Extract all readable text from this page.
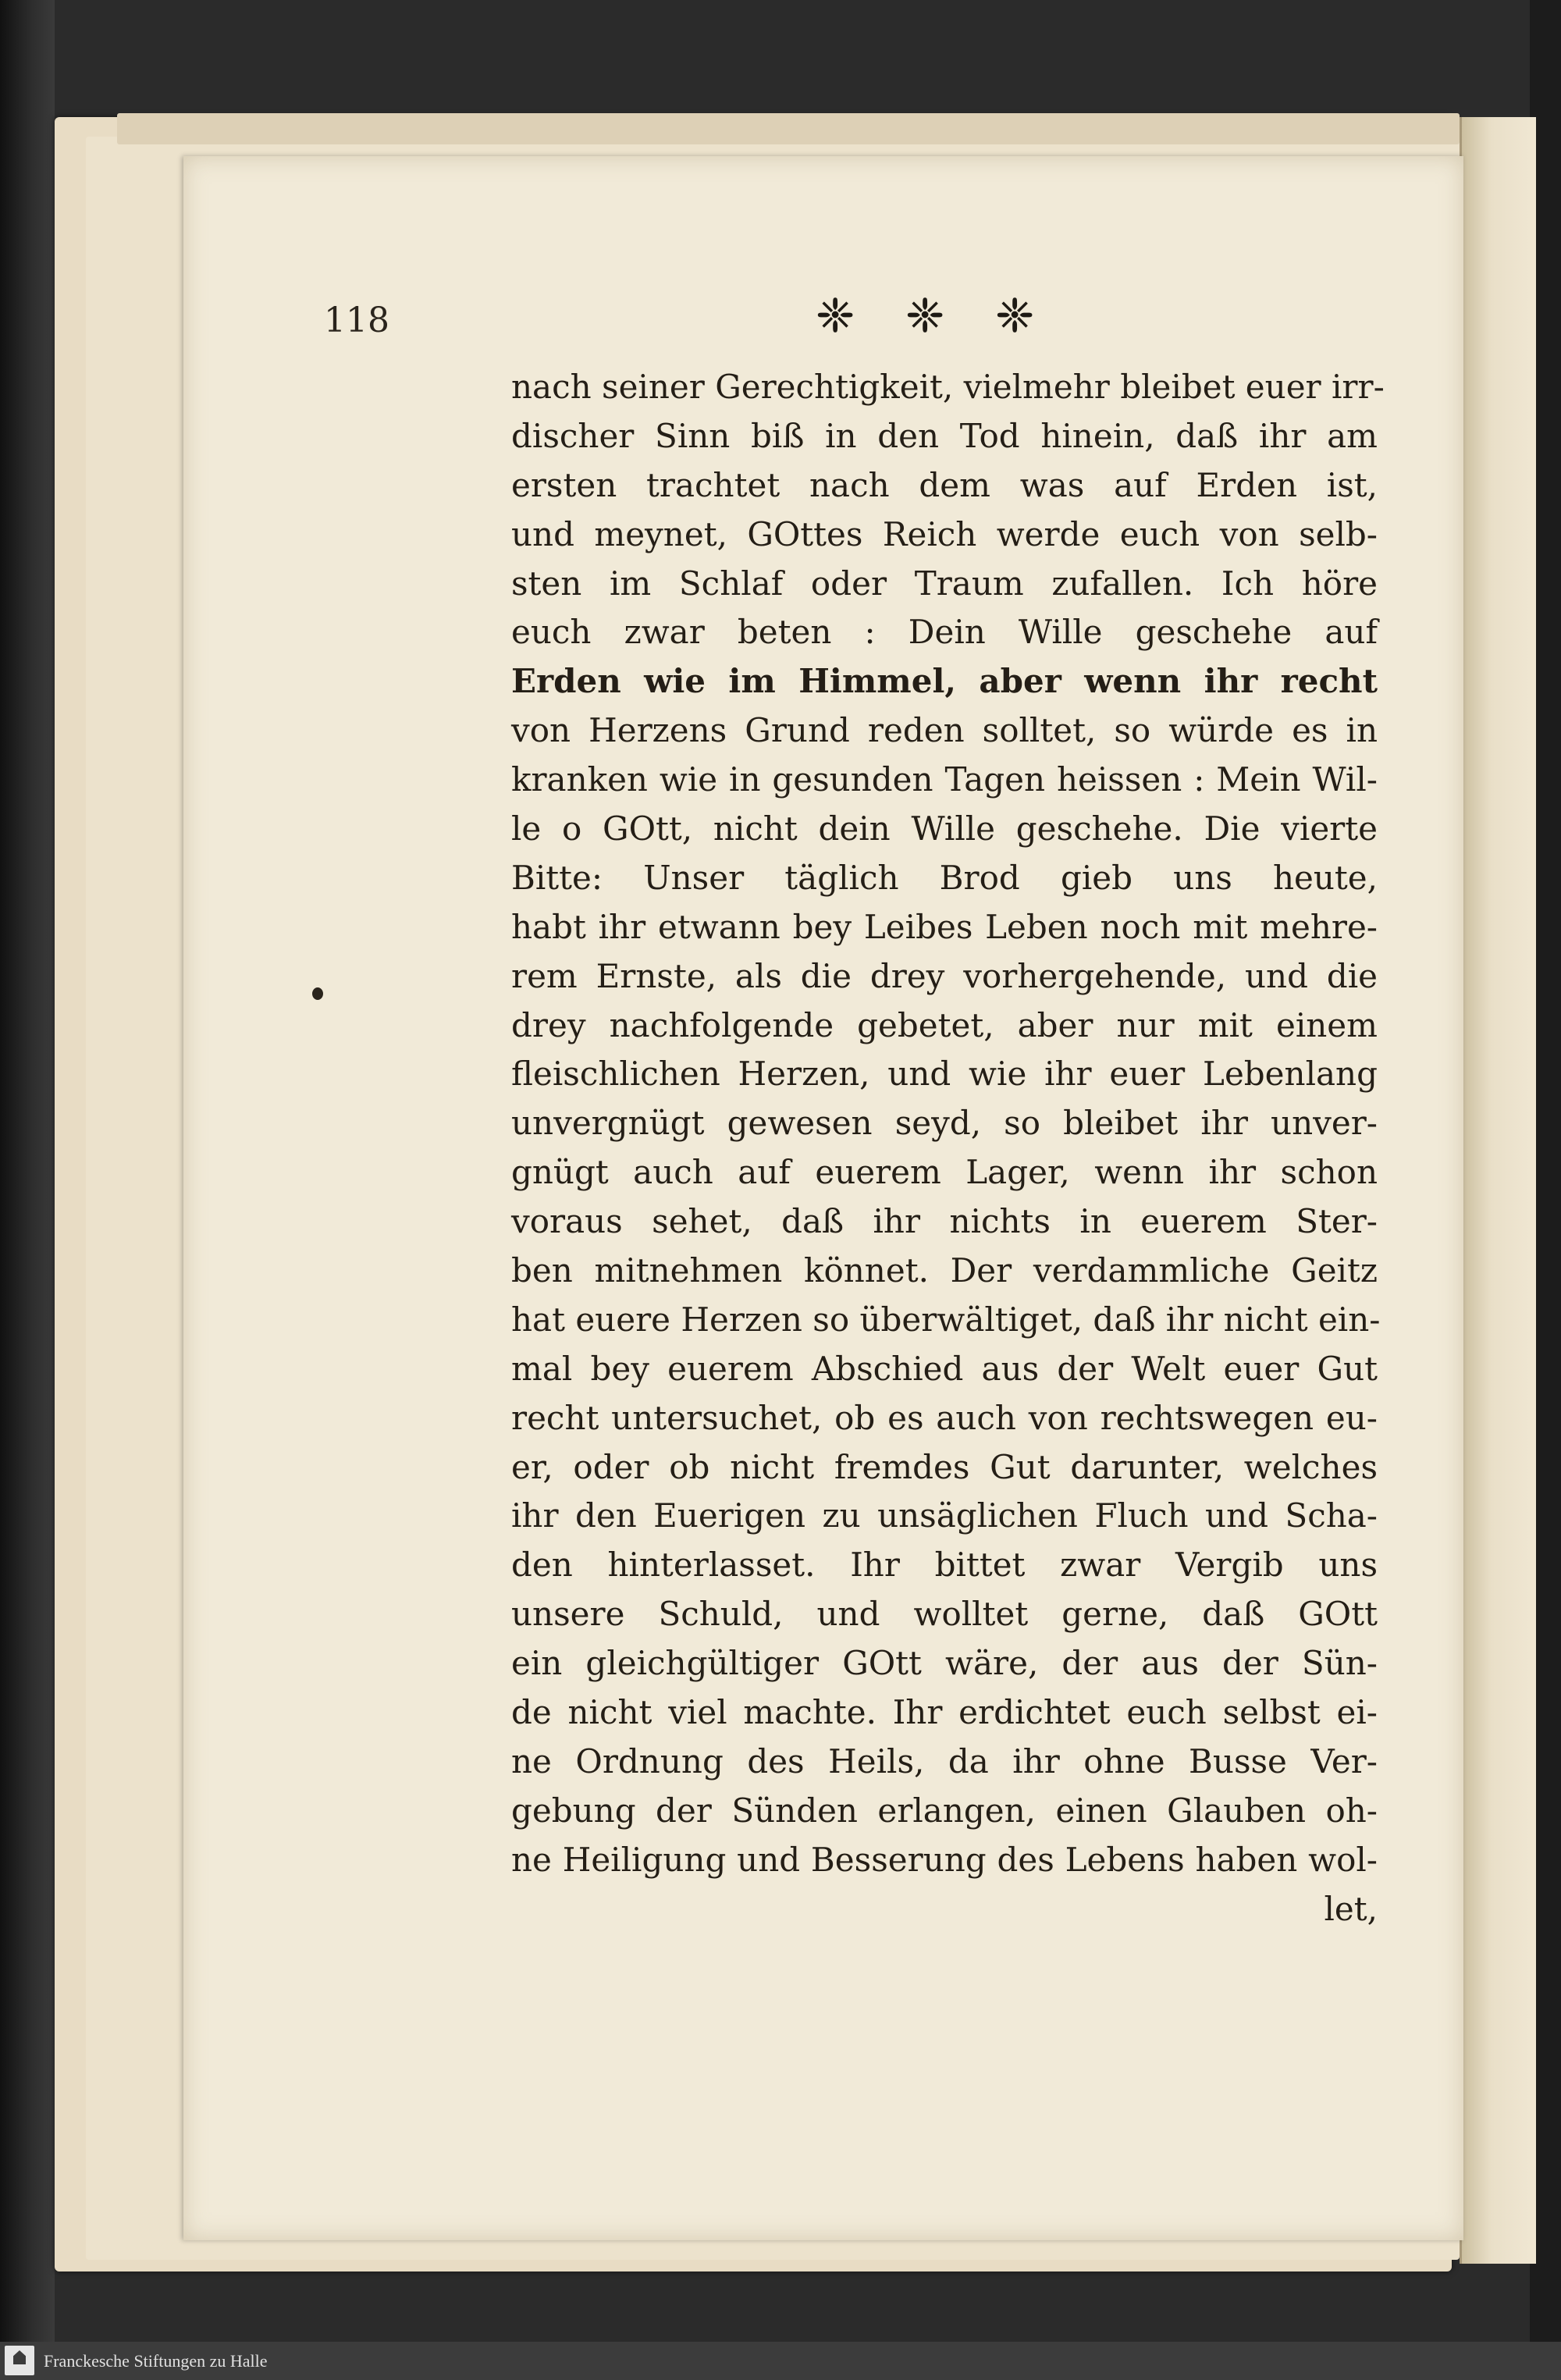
118	❈ ❈ ❈
nach seiner Gerechtigkeit, vielmehr bleibet euer irr-
discher Sinn biß in den Tod hinein, daß ihr am
ersten trachtet nach dem was auf Erden ist,
und meynet, GOttes Reich werde euch von selb-
sten im Schlaf oder Traum zufallen. Ich höre
euch zwar beten : Dein Wille geschehe auf
Erden wie im Himmel, aber wenn ihr recht
von Herzens Grund reden solltet, so würde es in
kranken wie in gesunden Tagen heissen : Mein Wil-
le o GOtt, nicht dein Wille geschehe. Die vierte
Bitte: Unser täglich Brod gieb uns heute,
habt ihr etwann bey Leibes Leben noch mit mehre-
rem Ernste, als die drey vorhergehende, und die
drey nachfolgende gebetet, aber nur mit einem
fleischlichen Herzen, und wie ihr euer Lebenlang
unvergnügt gewesen seyd, so bleibet ihr unver-
gnügt auch auf euerem Lager, wenn ihr schon
voraus sehet, daß ihr nichts in euerem Ster-
ben mitnehmen könnet. Der verdammliche Geitz
hat euere Herzen so überwältiget, daß ihr nicht ein-
mal bey euerem Abschied aus der Welt euer Gut
recht untersuchet, ob es auch von rechtswegen eu-
er, oder ob nicht fremdes Gut darunter, welches
ihr den Euerigen zu unsäglichen Fluch und Scha-
den hinterlasset. Ihr bittet zwar Vergib uns
unsere Schuld, und wolltet gerne, daß GOtt
ein gleichgültiger GOtt wäre, der aus der Sün-
de nicht viel machte. Ihr erdichtet euch selbst ei-
ne Ordnung des Heils, da ihr ohne Busse Ver-
gebung der Sünden erlangen, einen Glauben oh-
ne Heiligung und Besserung des Lebens haben wol-
let,
Franckesche Stiftungen zu Halle
